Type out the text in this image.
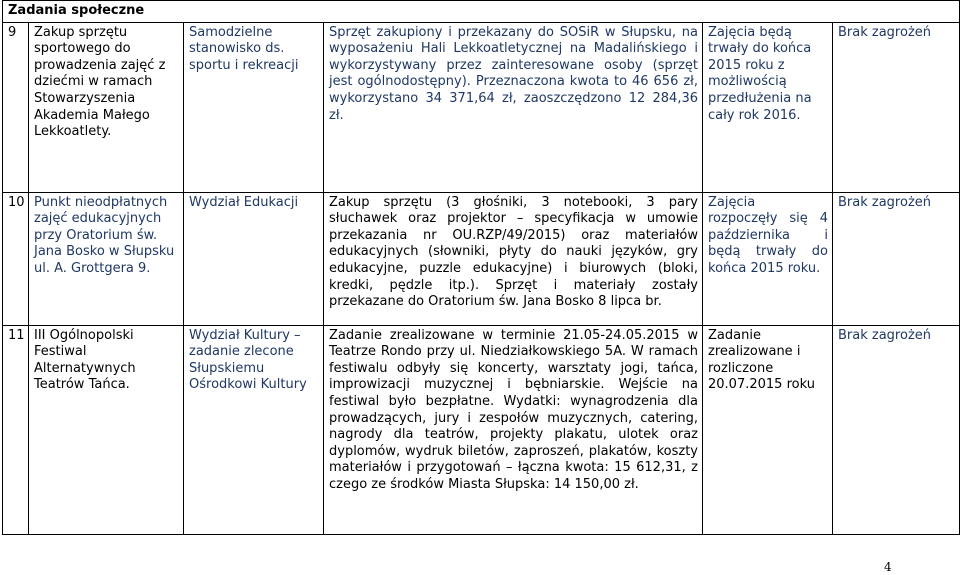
Zadania społeczne					
9	Zakup sprzętu sportowego do prowadzenia zajęć z dziećmi w ramach Stowarzyszenia Akademia Małego Lekkoatlety.	Samodzielne stanowisko ds. sportu i rekreacji	Sprzęt zakupiony i przekazany do SOSiR w Słupsku, na wyposażeniu Hali Lekkoatletycznej na Madalińskiego i wykorzystywany przez zainteresowane osoby (sprzęt jest ogólnodostępny). Przeznaczona kwota to 46 656 zł, wykorzystano 34 371,64 zł, zaoszczędzono 12 284,36 zł.	Zajęcia będą trwały do końca 2015 roku z możliwością przedłużenia na cały rok 2016.	Brak zagrożeń
10	Punkt nieodpłatnych zajęć edukacyjnych przy Oratorium św. Jana Bosko w Słupsku ul. A. Grottgera 9.	Wydział Edukacji	Zakup sprzętu (3 głośniki, 3 notebooki, 3 pary słuchawek oraz projektor – specyfikacja w umowie przekazania nr OU.RZP/49/2015) oraz materiałów edukacyjnych (słowniki, płyty do nauki języków, gry edukacyjne, puzzle edukacyjne) i biurowych (bloki, kredki, pędzle itp.). Sprzęt i materiały zostały przekazane do Oratorium św. Jana Bosko 8 lipca br.	Zajęcia rozpoczęły się 4 października i będą trwały do końca 2015 roku.	Brak zagrożeń
11	III Ogólnopolski Festiwal Alternatywnych Teatrów Tańca.	Wydział Kultury – zadanie zlecone Słupskiemu Ośrodkowi Kultury	Zadanie zrealizowane w terminie 21.05-24.05.2015 w Teatrze Rondo przy ul. Niedziałkowskiego 5A. W ramach festiwalu odbyły się koncerty, warsztaty jogi, tańca, improwizacji muzycznej i bębniarskie. Wejście na festiwal było bezpłatne. Wydatki: wynagrodzenia dla prowadzących, jury i zespołów muzycznych, catering, nagrody dla teatrów, projekty plakatu, ulotek oraz dyplomów, wydruk biletów, zaproszeń, plakatów, koszty materiałów i przygotowań – łączna kwota: 15 612,31, z czego ze środków Miasta Słupska: 14 150,00 zł.	Zadanie zrealizowane i rozliczone 20.07.2015 roku	Brak zagrożeń
4
